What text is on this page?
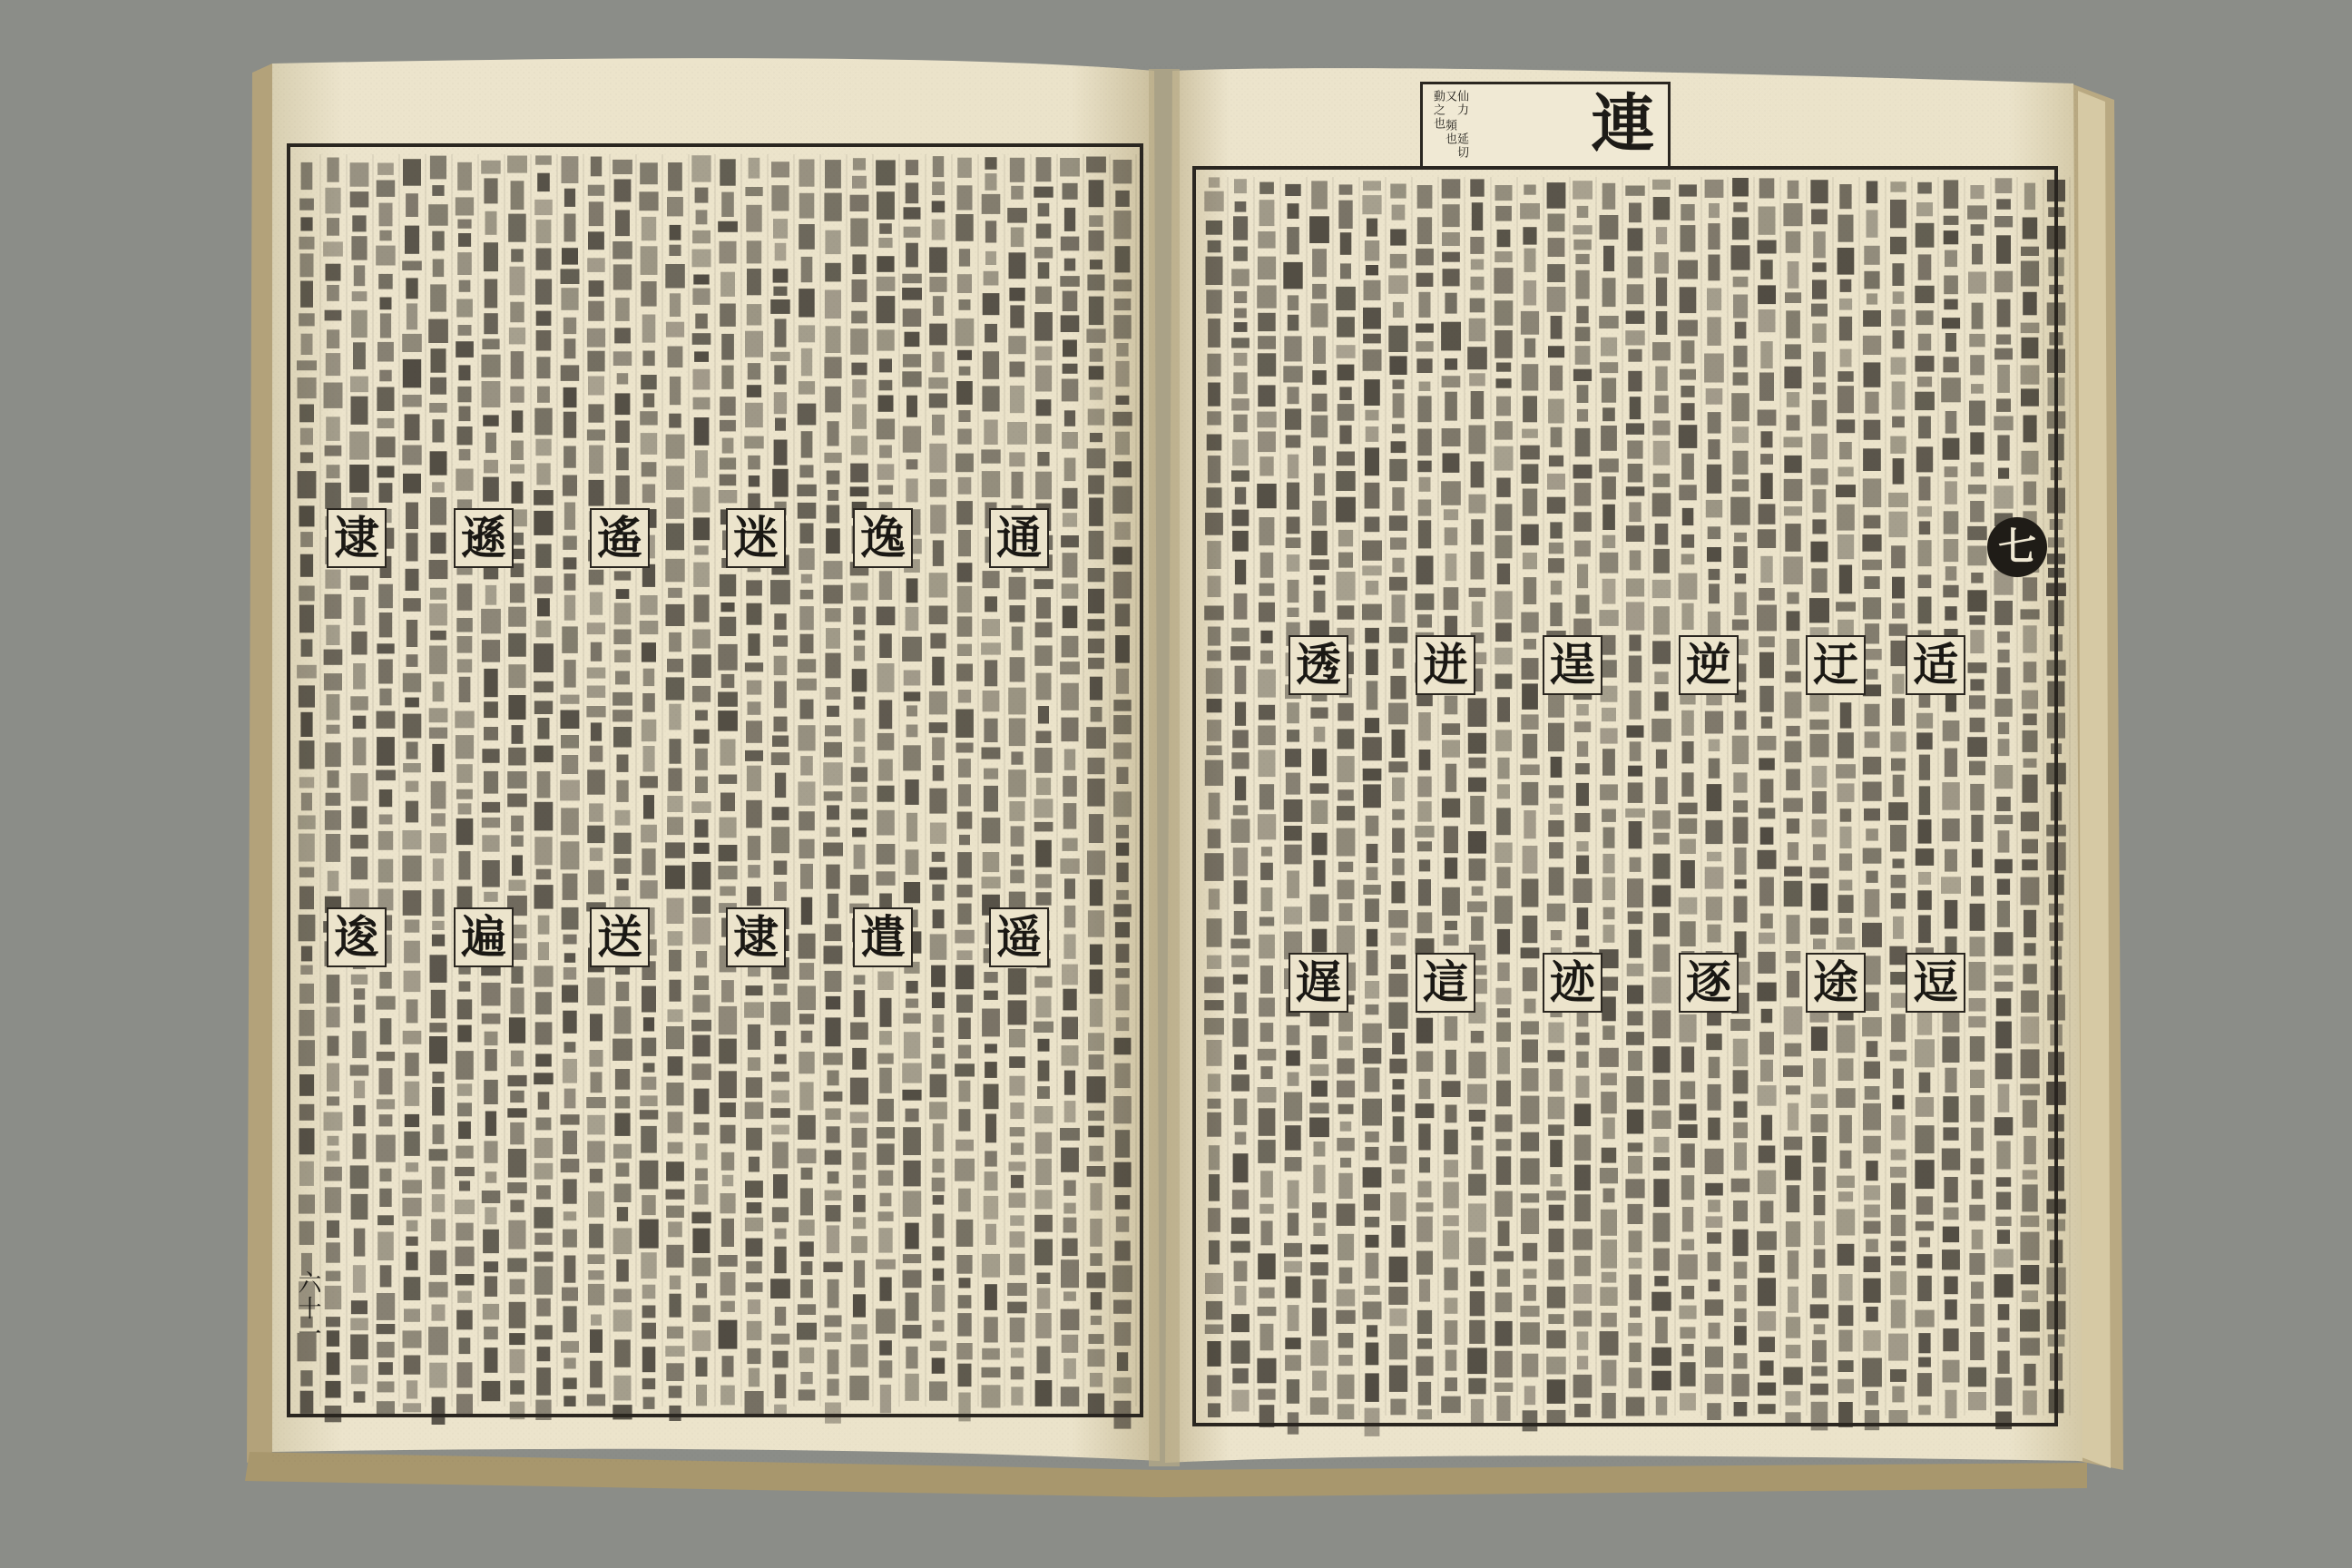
連
仙力 延切 又 頻也 動之也
七
适
迂
逆
逞
迸
透
逗
途
逐
迹
這
遅
通
逸
迷
遙
遜
逮
遥
遣
逮
送
遍
逡
六十一
